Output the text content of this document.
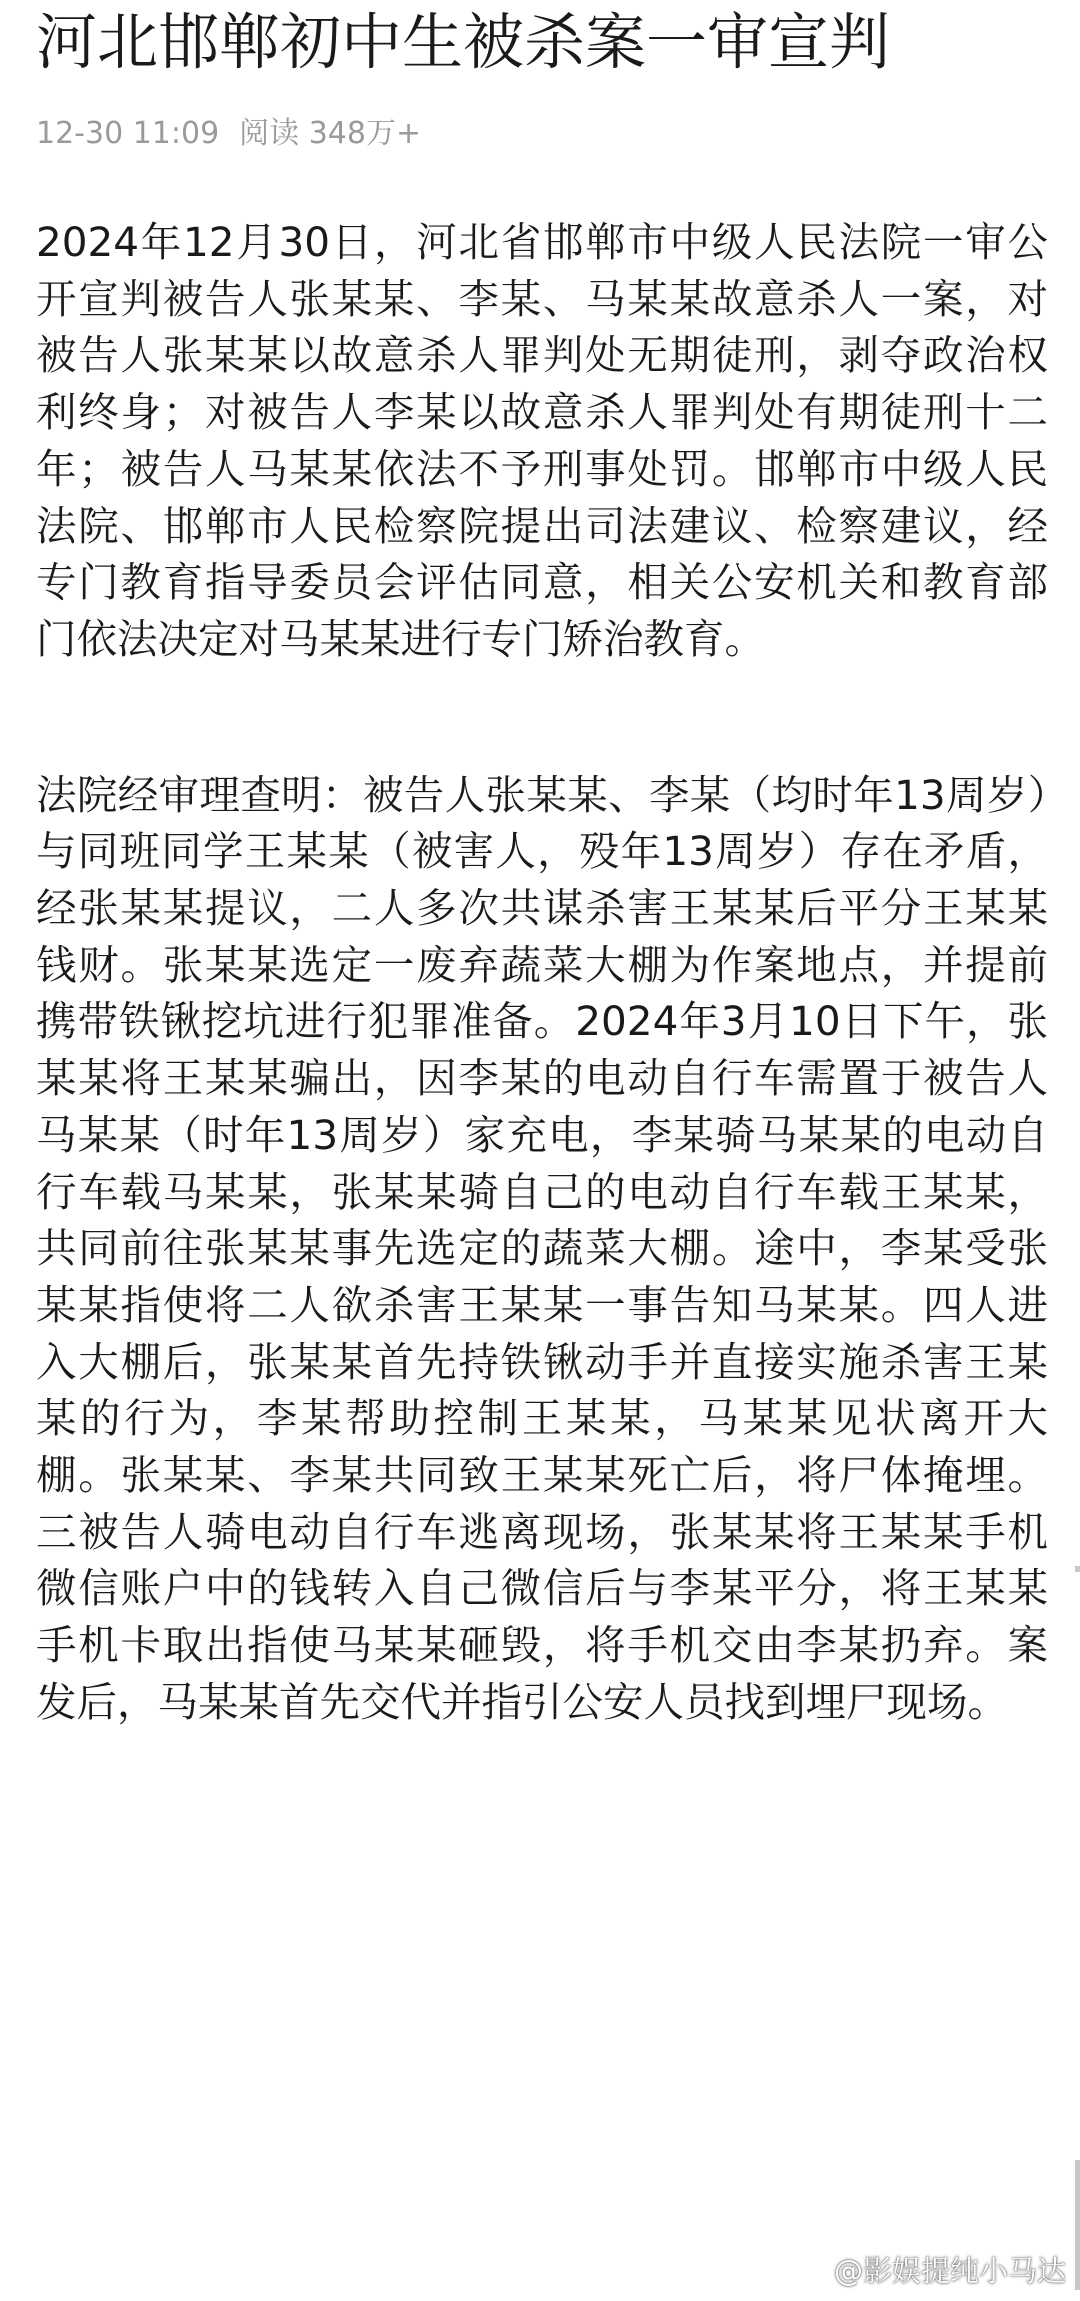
河北邯郸初中生被杀案一审宣判
12-30 11:09 阅读 348万+

2024年12月30日，河北省邯郸市中级人民法院一审公开宣判被告人张某某、李某、马某某故意杀人一案，对被告人张某某以故意杀人罪判处无期徒刑，剥夺政治权利终身；对被告人李某以故意杀人罪判处有期徒刑十二年；被告人马某某依法不予刑事处罚。邯郸市中级人民法院、邯郸市人民检察院提出司法建议、检察建议，经专门教育指导委员会评估同意，相关公安机关和教育部门依法决定对马某某进行专门矫治教育。

法院经审理查明：被告人张某某、李某（均时年13周岁）与同班同学王某某（被害人，殁年13周岁）存在矛盾，经张某某提议，二人多次共谋杀害王某某后平分王某某钱财。张某某选定一废弃蔬菜大棚为作案地点，并提前携带铁锹挖坑进行犯罪准备。2024年3月10日下午，张某某将王某某骗出，因李某的电动自行车需置于被告人马某某（时年13周岁）家充电，李某骑马某某的电动自行车载马某某，张某某骑自己的电动自行车载王某某，共同前往张某某事先选定的蔬菜大棚。途中，李某受张某某指使将二人欲杀害王某某一事告知马某某。四人进入大棚后，张某某首先持铁锹动手并直接实施杀害王某某的行为，李某帮助控制王某某，马某某见状离开大棚。张某某、李某共同致王某某死亡后，将尸体掩埋。三被告人骑电动自行车逃离现场，张某某将王某某手机微信账户中的钱转入自己微信后与李某平分，将王某某手机卡取出指使马某某砸毁，将手机交由李某扔弃。案发后，马某某首先交代并指引公安人员找到埋尸现场。

@影娱提纯小马达
